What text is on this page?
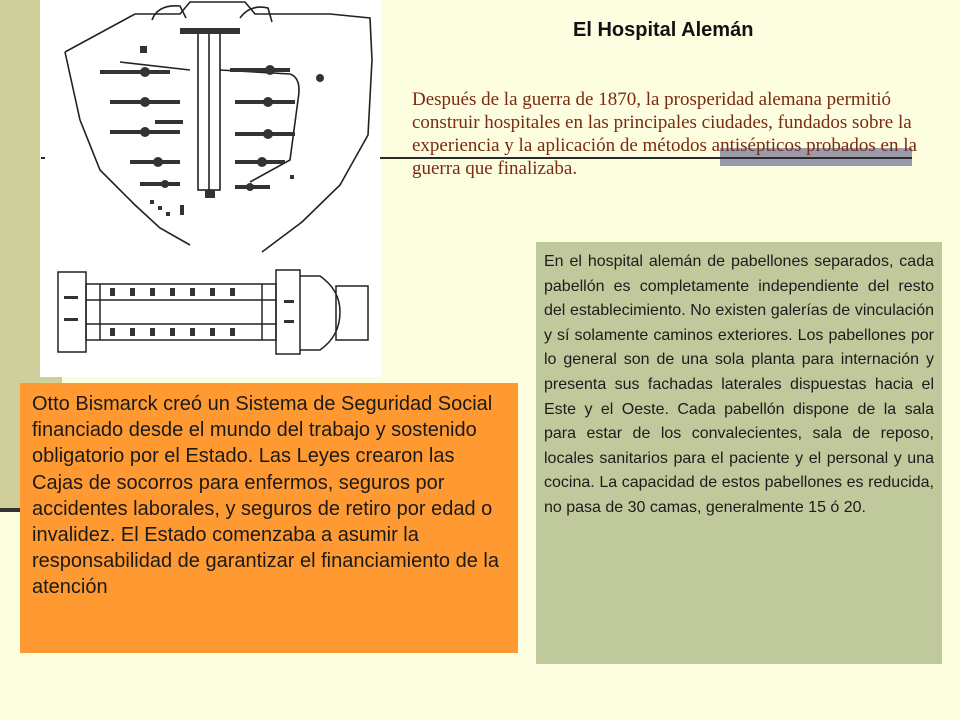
El Hospital Alemán
Después de la guerra de 1870, la prosperidad alemana permitió construir hospitales en las principales ciudades, fundados sobre la experiencia y la aplicación de métodos antisépticos probados en la guerra que finalizaba.
En el hospital alemán de pabellones separados, cada pabellón es completamente independiente del resto del establecimiento. No existen galerías de vinculación y sí solamente caminos exteriores. Los pabellones por lo general son de una sola planta para internación y presenta sus fachadas laterales dispuestas hacia el Este y el Oeste. Cada pabellón dispone de la sala para estar de los convalecientes, sala de reposo, locales sanitarios para el paciente y el personal y una cocina. La capacidad de estos pabellones es reducida, no pasa de 30 camas, generalmente 15 ó 20.
Otto Bismarck creó un Sistema de Seguridad Social financiado desde el mundo del trabajo y sostenido obligatorio por el Estado. Las Leyes crearon las Cajas de socorros para enfermos, seguros por accidentes laborales, y seguros de retiro por edad o invalidez. El Estado comenzaba a asumir la responsabilidad de garantizar el financiamiento de la atención
